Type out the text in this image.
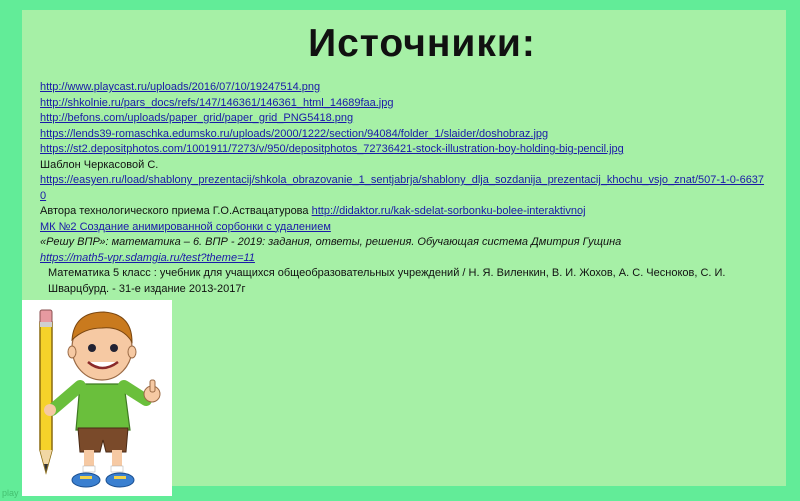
Источники:
http://www.playcast.ru/uploads/2016/07/10/19247514.png
http://shkolnie.ru/pars_docs/refs/147/146361/146361_html_14689faa.jpg
http://befons.com/uploads/paper_grid/paper_grid_PNG5418.png
https://lends39-romaschka.edumsko.ru/uploads/2000/1222/section/94084/folder_1/slaider/doshobraz.jpg
https://st2.depositphotos.com/1001911/7273/v/950/depositphotos_72736421-stock-illustration-boy-holding-big-pencil.jpg
Шаблон Черкасовой С.
https://easyen.ru/load/shablony_prezentacij/shkola_obrazovanie_1_sentjabrja/shablony_dlja_sozdanija_prezentacij_khochu_vsjo_znat/507-1-0-66370
Автора технологического приема Г.О.Аствацатурова http://didaktor.ru/kak-sdelat-sorbonku-bolee-interaktivnoj
МК №2 Создание анимированной сорбонки с удалением
«Решу ВПР»: математика – 6. ВПР - 2019: задания, ответы, решения. Обучающая система Дмитрия Гущина
https://math5-vpr.sdamgia.ru/test?theme=11
Математика 5 класс : учебник для учащихся общеобразовательных учреждений / Н. Я. Виленкин, В. И. Жохов, А. С. Чесноков, С. И. Шварцбурд. - 31-е издание 2013-2017г
play
